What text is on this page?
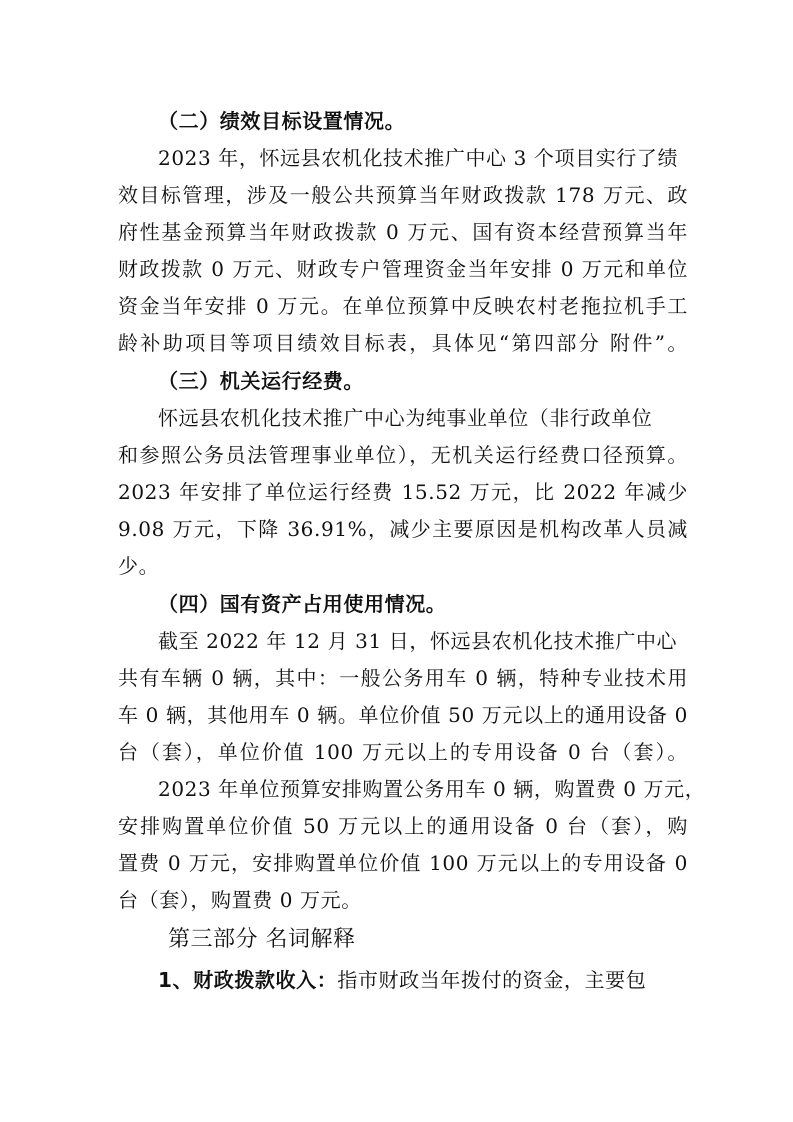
（二）绩效目标设置情况。
2023 年，怀远县农机化技术推广中心 3 个项目实行了绩
效目标管理，涉及一般公共预算当年财政拨款 178 万元、政
府性基金预算当年财政拨款 0 万元、国有资本经营预算当年
财政拨款 0 万元、财政专户管理资金当年安排 0 万元和单位
资金当年安排 0 万元。在单位预算中反映农村老拖拉机手工
龄补助项目等项目绩效目标表，具体见“第四部分 附件”。
（三）机关运行经费。
怀远县农机化技术推广中心为纯事业单位（非行政单位
和参照公务员法管理事业单位），无机关运行经费口径预算。
2023 年安排了单位运行经费 15.52 万元，比 2022 年减少
9.08 万元，下降 36.91%，减少主要原因是机构改革人员减
少。
（四）国有资产占用使用情况。
截至 2022 年 12 月 31 日，怀远县农机化技术推广中心
共有车辆 0 辆，其中：一般公务用车 0 辆，特种专业技术用
车 0 辆，其他用车 0 辆。单位价值 50 万元以上的通用设备 0
台（套），单位价值 100 万元以上的专用设备 0 台（套）。
2023 年单位预算安排购置公务用车 0 辆，购置费 0 万元，
安排购置单位价值 50 万元以上的通用设备 0 台（套），购
置费 0 万元，安排购置单位价值 100 万元以上的专用设备 0
台（套），购置费 0 万元。
第三部分 名词解释
1、财政拨款收入：指市财政当年拨付的资金，主要包
